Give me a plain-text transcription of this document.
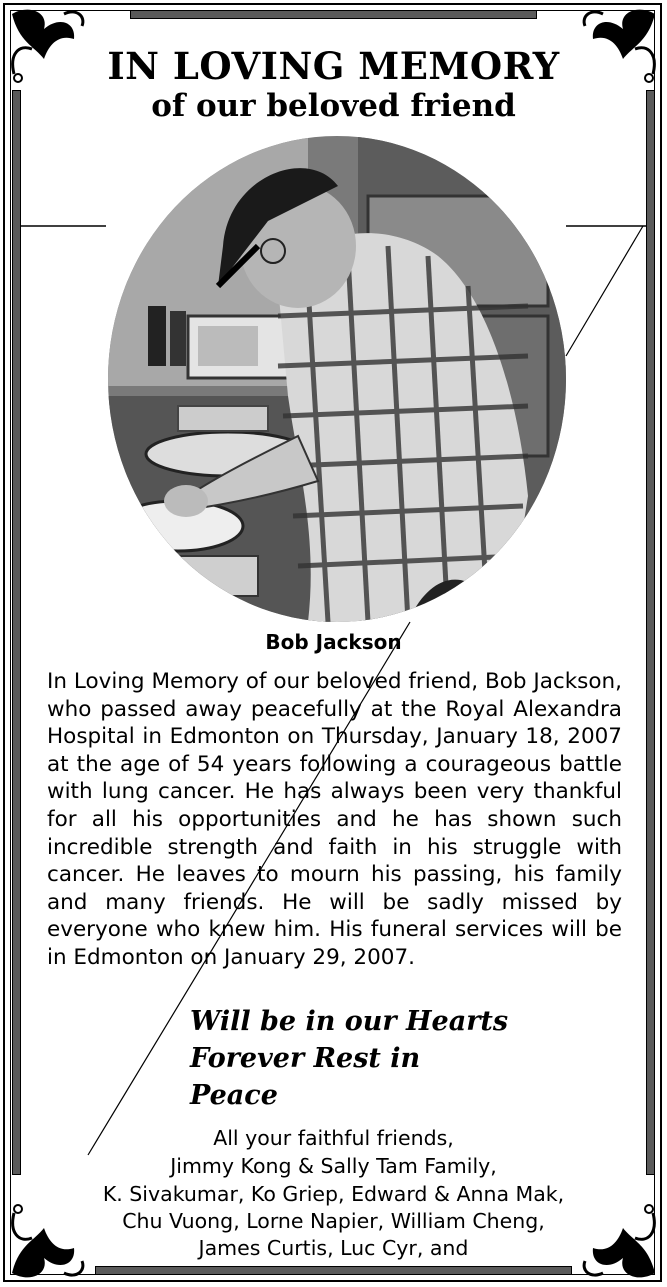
IN LOVING MEMORY
of our beloved friend
Bob Jackson
In Loving Memory of our beloved friend, Bob Jackson, who passed away peacefully at the Royal Alexandra Hospital in Edmonton on Thursday, January 18, 2007 at the age of 54 years following a courageous battle with lung cancer. He has always been very thankful for all his opportunities and he has shown such incredible strength and faith in his struggle with cancer. He leaves to mourn his passing, his family and many friends. He will be sadly missed by everyone who knew him. His funeral services will be in Edmonton on January 29, 2007.
Will be in our Hearts
Forever Rest in
Peace
All your faithful friends,
Jimmy Kong & Sally Tam Family,
K. Sivakumar, Ko Griep, Edward & Anna Mak,
Chu Vuong, Lorne Napier, William Cheng,
James Curtis, Luc Cyr, and
